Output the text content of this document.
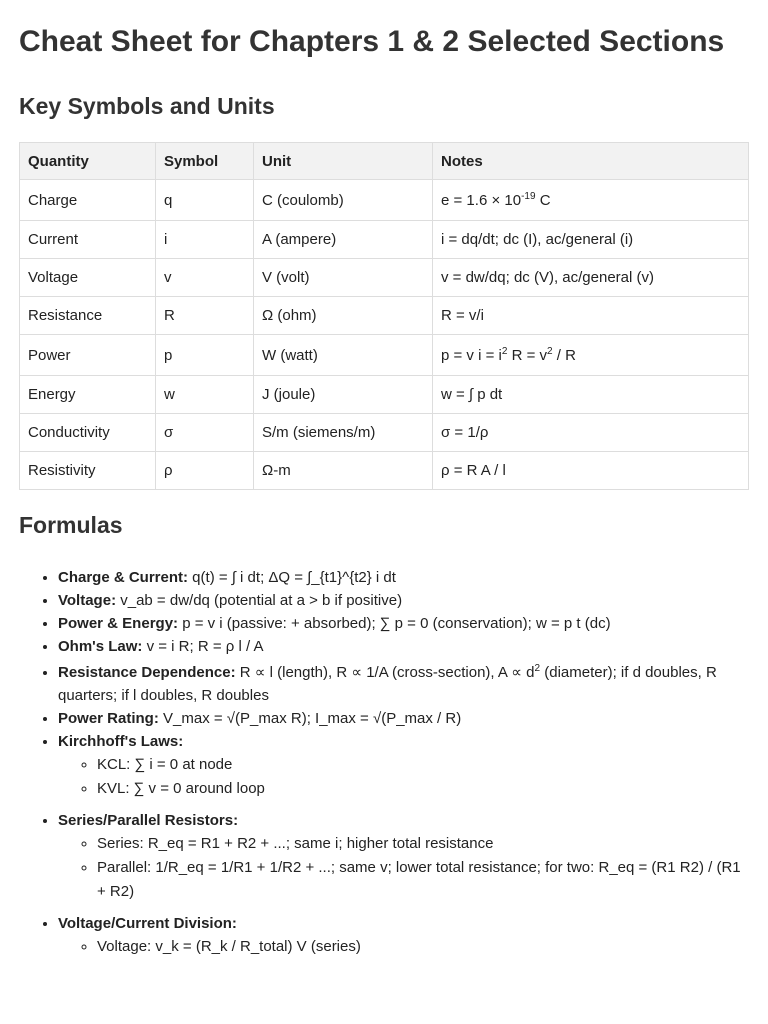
Cheat Sheet for Chapters 1 & 2 Selected Sections
Key Symbols and Units
Quantity	Symbol	Unit	Notes
Charge	q	C (coulomb)	$e = 1.6 \times 10^{-19}$ C
Current	i	A (ampere)	i = dq/dt; dc (I), ac/general (i)
Voltage	v	V (volt)	v = dw/dq; dc (V), ac/general (v)
Resistance	R	Ω (ohm)	R = v/i
Power	p	W (watt)	p = v $i = i^2$ $R = v^2 / R$
Energy	w	J (joule)	w = ∫ p dt
Conductivity	σ	S/m (siemens/m)	σ = 1/ρ
Resistivity	ρ	Ω-m	ρ = R A / l
Formulas
• Charge & Current: q(t) = ∫ i dt; ΔQ = ∫_{t1}^{t2} i dt
• Voltage: v_ab = dw/dq (potential at a > b if positive)
• Power & Energy: p = v i (passive: + absorbed); ∑ p = 0 (conservation); w = p t (dc)
• Ohm's Law: v = i R; R = ρ l / A
• Resistance Dependence: R ∝ l (length), R ∝ 1/A (cross-section), $A \propto d^2$ (diameter); if d doubles, R quarters; if l doubles, R doubles
• Power Rating: V_max = √(P_max R); I_max = √(P_max / R)
• Kirchhoff's Laws:
◦ KCL: ∑ i = 0 at node
◦ KVL: ∑ v = 0 around loop
• Series/Parallel Resistors:
◦ Series: R_eq = R1 + R2 + ...; same i; higher total resistance
◦ Parallel: 1/R_eq = 1/R1 + 1/R2 + ...; same v; lower total resistance; for two: R_eq = (R1 R2) / (R1 + R2)
• Voltage/Current Division:
◦ Voltage: v_k = (R_k / R_total) V (series)
